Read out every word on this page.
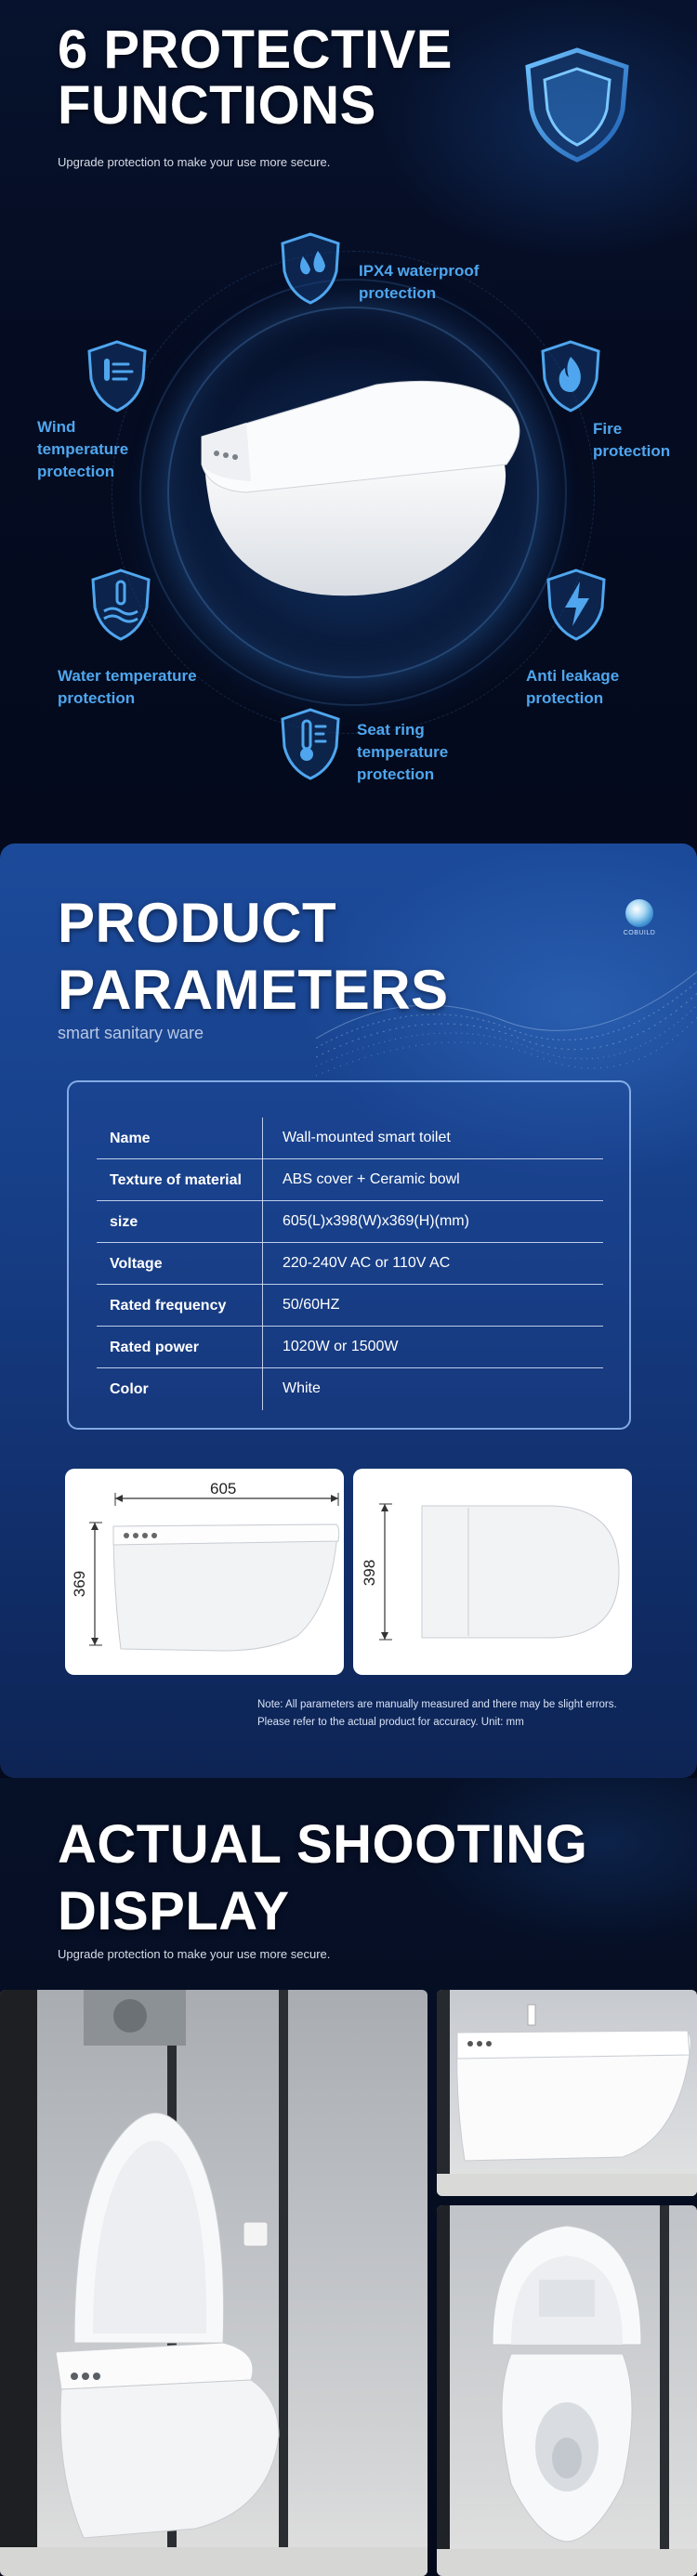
6 PROTECTIVE
FUNCTIONS

Upgrade protection to make your use more secure.

IPX4 waterproof
protection
Wind
temperature
protection
Fire
protection
Water temperature
protection
Anti leakage
protection
Seat ring
temperature
protection
PRODUCT
PARAMETERS

smart sanitary ware

COBUILD
Name	Wall-mounted smart toilet
Texture of material	ABS cover + Ceramic bowl
size	605(L)x398(W)x369(H)(mm)
Voltage	220-240V AC or 110V AC
Rated frequency	50/60HZ
Rated power	1020W or 1500W
Color	White
605
369	398

Note: All parameters are manually measured and there may be slight errors.
Please refer to the actual product for accuracy. Unit: mm

ACTUAL SHOOTING
DISPLAY

Upgrade protection to make your use more secure.
